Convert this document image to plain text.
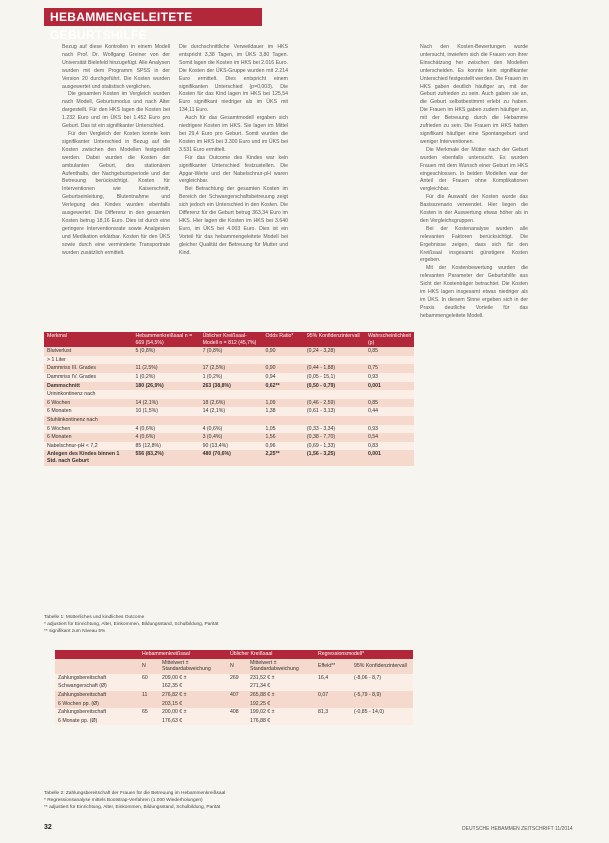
HEBAMMENGELEITETE GEBURTSHILFE

Bezug auf diese Kontrollen in einem Modell nach Prof. Dr. Wolfgang Greiner von der Universität Bielefeld hinzugefügt. Alle Analysen wurden mit dem Programm SPSS in der Version 20 durchgeführt. Die Kosten wurden ausgewertet und statistisch verglichen.

Die gesamten Kosten im Vergleich wurden nach Modell, Geburtsmodus und nach Alter dargestellt. Für den HKS lagen die Kosten bei 1.232 Euro und im ÜKS bei 1.452 Euro pro Geburt. Das ist ein signifikanter Unterschied.

Für den Vergleich der Kosten konnte kein signifikanter Unterschied in Bezug auf die Kosten zwischen den Modellen festgestellt werden. Dabei wurden die Kosten der ambulanten Geburt, des stationären Aufenthalts, der Nachgeburtsperiode und der Betreuung berücksichtigt. Kosten für Interventionen wie Kaiserschnitt, Geburtseinleitung, Blutentnahme und Verlegung des Kindes wurden ebenfalls ausgewertet. Die Differenz in den gesamten Kosten betrug 18,16 Euro. Dies ist durch eine geringere Interventionsrate sowie Analgesien und Medikation erklärbar. Kosten für den ÜKS sowie durch eine verminderte Transportrate wurden zusätzlich ermittelt.

Die durchschnittliche Verweildauer im HKS entspricht 3,38 Tagen, im ÜKS 3,80 Tagen. Somit lagen die Kosten im HKS bei 2.016 Euro. Die Kosten der ÜKS-Gruppe wurden mit 2.214 Euro ermittelt. Dies entspricht einem signifikanten Unterschied (p=0,003). Die Kosten für das Kind lagen im HKS bei 125,54 Euro signifikant niedriger als im ÜKS mit 134,11 Euro.

Auch für das Gesamtmodell ergaben sich niedrigere Kosten im HKS. Sie lagen im Mittel bei 29,4 Euro pro Geburt. Somit wurden die Kosten im HKS bei 3.300 Euro und im ÜKS bei 3.531 Euro ermittelt.

Für das Outcome des Kindes war kein signifikanter Unterschied festzustellen. Die Apgar-Werte und der Nabelschnur-pH waren vergleichbar.

Bei Betrachtung der gesamten Kosten im Bereich der Schwangerschaftsbetreuung zeigt sich jedoch ein Unterschied in den Kosten. Die Differenz für die Geburt betrug 363,34 Euro im HKS. Hier lagen die Kosten im HKS bei 3.640 Euro, im ÜKS bei 4.003 Euro. Dies ist ein Vorteil für das hebammengeleitete Modell bei gleicher Qualität der Betreuung für Mutter und Kind.

Nach den Kosten-Bewertungen wurde untersucht, inwiefern sich die Frauen von ihrer Einschätzung her zwischen den Modellen unterscheiden. Es konnte kein signifikanter Unterschied festgestellt werden. Die Frauen im HKS gaben deutlich häufiger an, mit der Geburt zufrieden zu sein. Auch gaben sie an, die Geburt selbstbestimmt erlebt zu haben. Die Frauen im HKS gaben zudem häufiger an, mit der Betreuung durch die Hebamme zufrieden zu sein. Die Frauen im HKS hatten signifikant häufiger eine Spontangeburt und weniger Interventionen.

Die Merkmale der Mütter nach der Geburt wurden ebenfalls untersucht. Es wurden Frauen mit dem Wunsch einer Geburt im HKS eingeschlossen. In beiden Modellen war der Anteil der Frauen ohne Komplikationen vergleichbar.

Für die Auswahl der Kosten wurde das Basisszenario verwendet. Hier liegen die Kosten in der Auswertung etwas höher als in den Vergleichsgruppen.

Bei der Kostenanalyse wurden alle relevanten Faktoren berücksichtigt. Die Ergebnisse zeigen, dass sich für den Kreißsaal insgesamt günstigere Kosten ergeben.

Mit der Kostenbewertung wurden die relevanten Parameter der Geburtshilfe aus Sicht der Kostenträger betrachtet. Die Kosten im HKS lagen insgesamt etwas niedriger als im ÜKS. In diesem Sinne ergeben sich in der Praxis deutliche Vorteile für das hebammengeleitete Modell.

Merkmal	Hebammenkreißsaal n = 669 (54,5%)	Üblicher Kreißsaal-Modell n = 812 (45,7%)	Odds Ratio*	95% Konfidenzintervall	Wahrscheinlichkeit (p)
Blutverlust	5 (0,8%)	7 (0,8%)	0,90	(0,24 - 3,28)	0,85
> 1 Liter					
Dammriss III. Grades	11 (2,5%)	17 (2,5%)	0,90	(0,44 - 1,88)	0,75
Dammriss IV. Grades	1 (0,2%)	1 (0,2%)	0,94	(0,05 - 15,1)	0,93
Dammschnitt	180 (26,9%)	263 (38,8%)	0,62**	(0,50 - 0,79)	0,001
Urininkontinenz nach					
6 Wochen	14 (2,1%)	18 (2,6%)	1,09	(0,46 - 2,59)	0,85
6 Monaten	10 (1,5%)	14 (2,1%)	1,38	(0,61 - 3,13)	0,44
Stuhlinkontinenz nach					
6 Wochen	4 (0,6%)	4 (0,6%)	1,05	(0,33 - 3,34)	0,93
6 Monaten	4 (0,6%)	3 (0,4%)	1,56	(0,38 - 7,70)	0,54
Nabelschnur-pH < 7,2	85 (12,8%)	90 (13,4%)	0,96	(0,69 - 1,33)	0,83
Anlegen des Kindes binnen 1 Std. nach Geburt	556 (83,2%)	480 (70,6%)	2,25**	(1,56 - 3,25)	0,001
Tabelle 1: Mütterliches und kindliches Outcome
* adjustiert für Einrichtung, Alter, Einkommen, Bildungsstand, Schulbildung, Parität
** signifikant zum Niveau 5%
	Hebammenkreißsaal		Üblicher Kreißsaal		Regressionsmodell*	
	N	Mittelwert ± Standardabweichung	N	Mittelwert ± Standardabweichung	Effekt**	95% Konfidenzintervall
Zahlungsbereitschaft	60	209,00 € ±	269	231,52 € ±	16,4	(-8,06 - 8,7)
Schwangerschaft (Ø)		162,35 €		271,34 €		
Zahlungsbereitschaft	11	276,82 € ±	407	265,88 € ±	0,07	(-5,79 - 8,9)
6 Wochen pp. (Ø)		203,15 €		192,25 €		
Zahlungsbereitschaft	65	200,00 € ±	408	199,02 € ±	81,3	(-0,85 - 14,0)
6 Monate pp. (Ø)		176,63 €		176,88 €		
Tabelle 2: Zahlungsbereitschaft der Frauen für die Betreuung im Hebammenkreißsaal
* Regressionsanalyse mittels Bootstrap-Verfahren (1.000 Wiederholungen)
** adjustiert für Einrichtung, Alter, Einkommen, Bildungsstand, Schulbildung, Parität
32	DEUTSCHE HEBAMMEN ZEITSCHRIFT 11/2014
